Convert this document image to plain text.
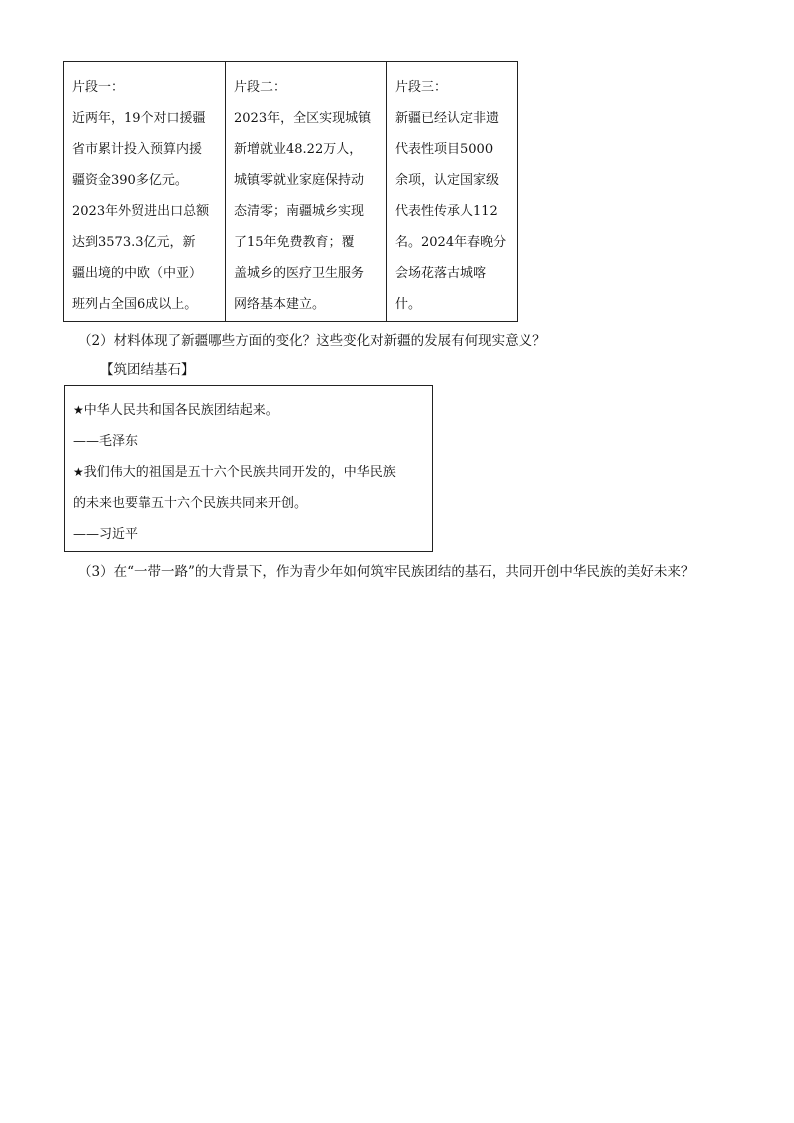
片段一：

近两年，19个对口援疆

省市累计投入预算内援

疆资金390多亿元。

2023年外贸进出口总额

达到3573.3亿元，新

疆出境的中欧（中亚）

班列占全国6成以上。

片段二：

2023年，全区实现城镇

新增就业48.22万人，

城镇零就业家庭保持动

态清零；南疆城乡实现

了15年免费教育；覆

盖城乡的医疗卫生服务

网络基本建立。

片段三：

新疆已经认定非遗

代表性项目5000

余项，认定国家级

代表性传承人112

名。2024年春晚分

会场花落古城喀什。

（2）材料体现了新疆哪些方面的变化？这些变化对新疆的发展有何现实意义？

【筑团结基石】

★中华人民共和国各民族团结起来。

——毛泽东

★我们伟大的祖国是五十六个民族共同开发的，中华民族

的未来也要靠五十六个民族共同来开创。

——习近平

（3）在“一带一路”的大背景下，作为青少年如何筑牢民族团结的基石，共同开创中华民族的美好未来？
